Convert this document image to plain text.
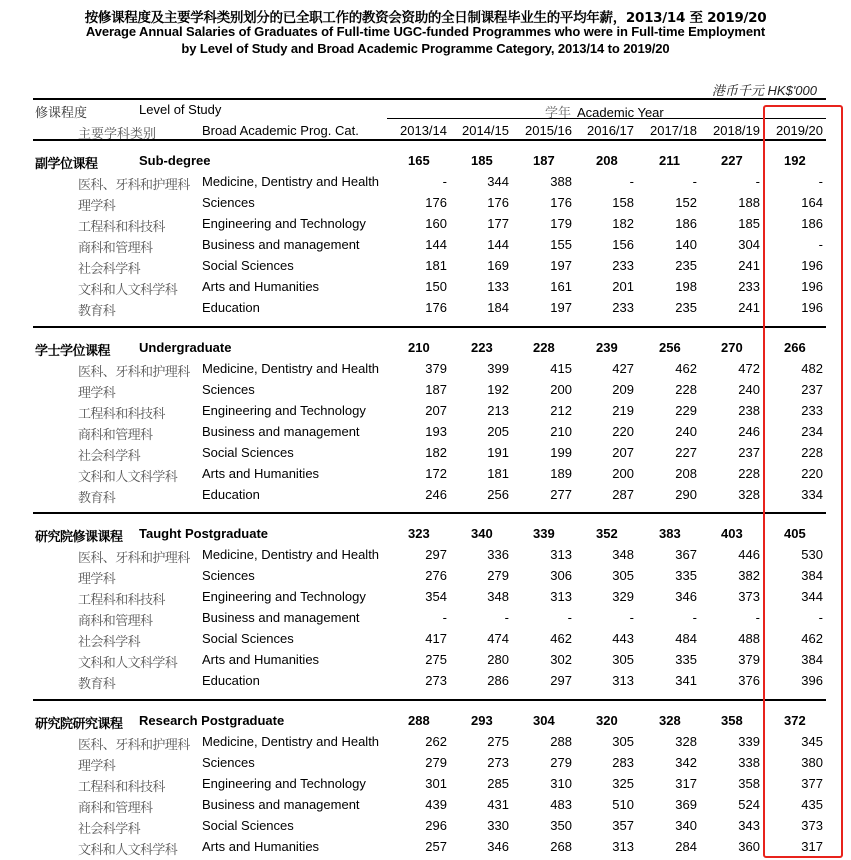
按修课程度及主要学科类别划分的已全职工作的教资会资助的全日制课程毕业生的平均年薪，2013/14 至 2019/20
Average Annual Salaries of Graduates of Full-time UGC-funded Programmes who were in Full-time Employment
by Level of Study and Broad Academic Programme Category, 2013/14 to 2019/20
港币千元 HK$'000
修课程度	Level of Study	学年 Academic Year
主要学科类别	Broad Academic Prog. Cat.	2013/14	2014/15	2015/16	2016/17	2017/18	2018/19	2019/20
副学位课程	Sub-degree	165	185	187	208	211	227	192
医科、牙科和护理科 Medicine, Dentistry and Health	-	344	388	-	-	-	-
理学科	Sciences	176	176	176	158	152	188	164
工程科和科技科	Engineering and Technology	160	177	179	182	186	185	186
商科和管理科	Business and management	144	144	155	156	140	304	-
社会科学科	Social Sciences	181	169	197	233	235	241	196
文科和人文科学科 Arts and Humanities	150	133	161	201	198	233	196
教育科	Education	176	184	197	233	235	241	196
学士学位课程 Undergraduate	210	223	228	239	256	270	266
医科、牙科和护理科 Medicine, Dentistry and Health	379	399	415	427	462	472	482
理学科	Sciences	187	192	200	209	228	240	237
工程科和科技科	Engineering and Technology	207	213	212	219	229	238	233
商科和管理科	Business and management	193	205	210	220	240	246	234
社会科学科	Social Sciences	182	191	199	207	227	237	228
文科和人文科学科 Arts and Humanities	172	181	189	200	208	228	220
教育科	Education	246	256	277	287	290	328	334
研究院修课课程 Taught Postgraduate	323	340	339	352	383	403	405
医科、牙科和护理科 Medicine, Dentistry and Health	297	336	313	348	367	446	530
理学科	Sciences	276	279	306	305	335	382	384
工程科和科技科	Engineering and Technology	354	348	313	329	346	373	344
商科和管理科	Business and management	-	-	-	-	-	-	-
社会科学科	Social Sciences	417	474	462	443	484	488	462
文科和人文科学科 Arts and Humanities	275	280	302	305	335	379	384
教育科	Education	273	286	297	313	341	376	396
研究院研究课程 Research Postgraduate	288	293	304	320	328	358	372
医科、牙科和护理科 Medicine, Dentistry and Health	262	275	288	305	328	339	345
理学科	Sciences	279	273	279	283	342	338	380
工程科和科技科	Engineering and Technology	301	285	310	325	317	358	377
商科和管理科	Business and management	439	431	483	510	369	524	435
社会科学科	Social Sciences	296	330	350	357	340	343	373
文科和人文科学科 Arts and Humanities	257	346	268	313	284	360	317
